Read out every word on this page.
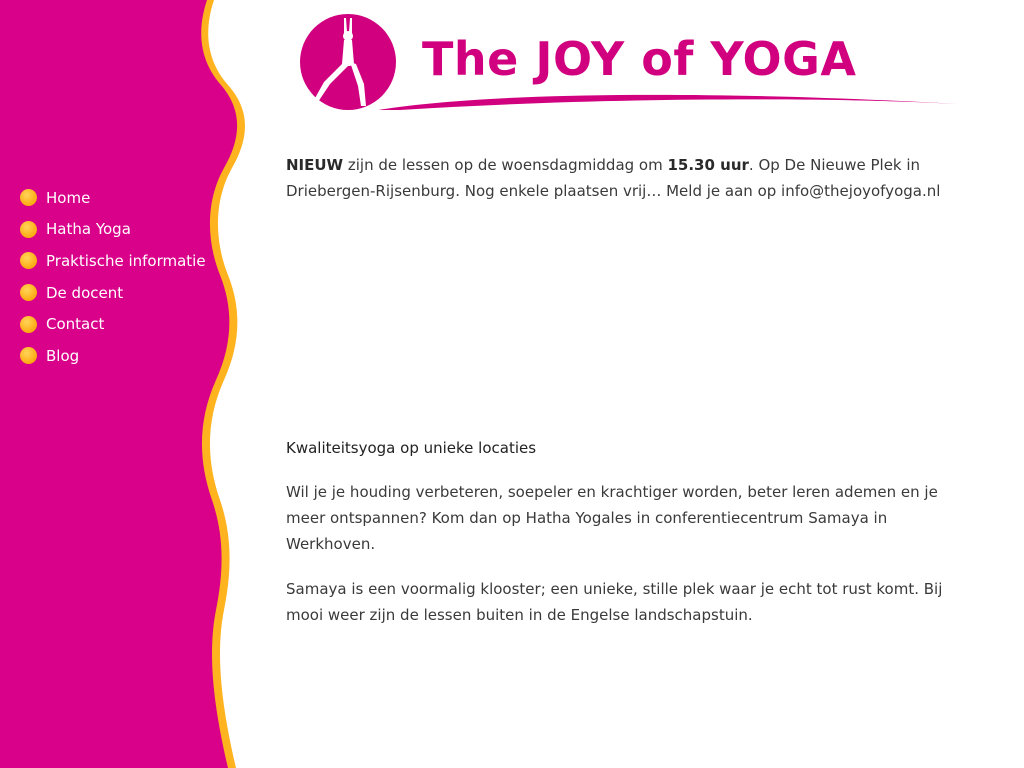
Home
Hatha Yoga
Praktische informatie
De docent
Contact
Blog
The JOY of YOGA

NIEUW zijn de lessen op de woensdagmiddag om 15.30 uur. Op De Nieuwe Plek in Driebergen-Rijsenburg. Nog enkele plaatsen vrij… Meld je aan op info@thejoyofyoga.nl

Kwaliteitsyoga op unieke locaties

Wil je je houding verbeteren, soepeler en krachtiger worden, beter leren ademen en je meer ontspannen? Kom dan op Hatha Yogales in conferentiecentrum Samaya in Werkhoven.

Samaya is een voormalig klooster; een unieke, stille plek waar je echt tot rust komt. Bij mooi weer zijn de lessen buiten in de Engelse landschapstuin.
